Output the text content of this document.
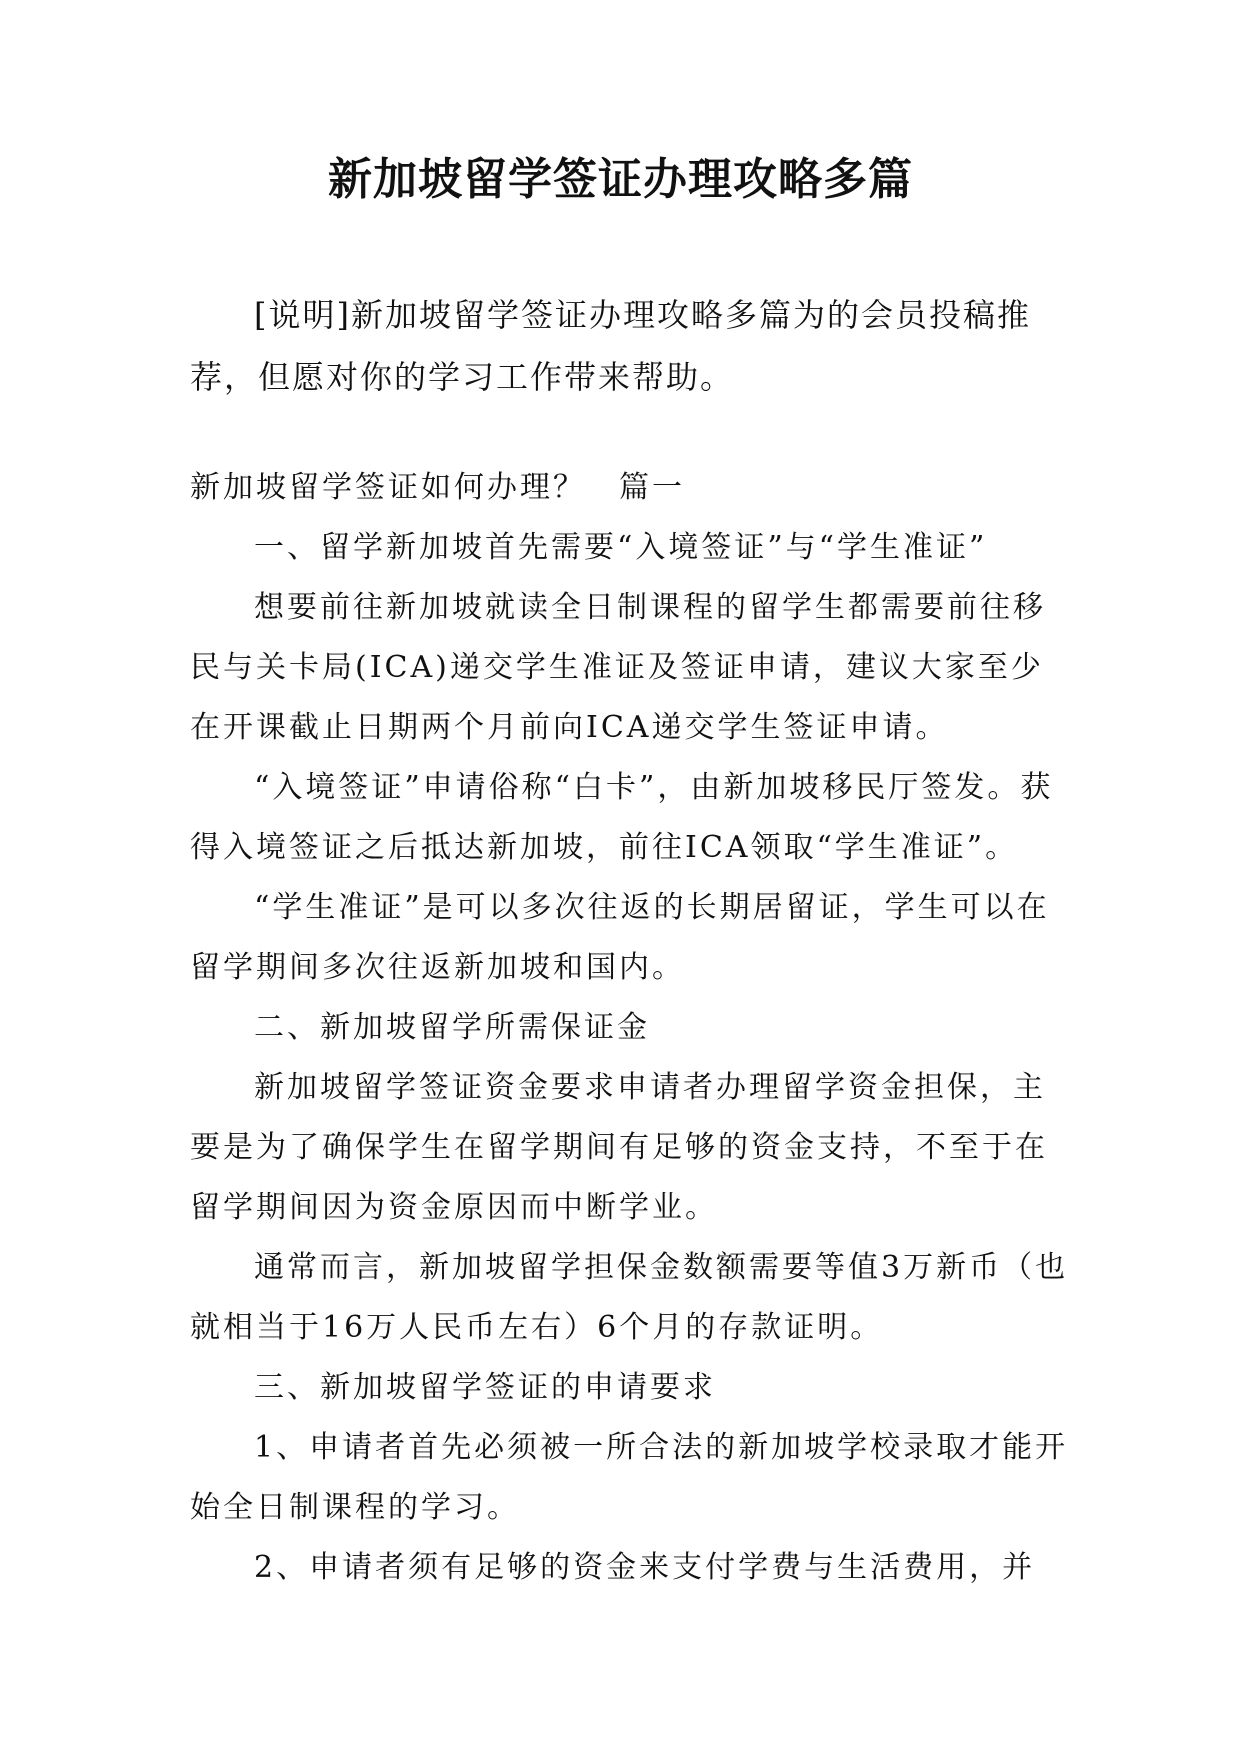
新加坡留学签证办理攻略多篇
[说明]新加坡留学签证办理攻略多篇为的会员投稿推荐，但愿对你的学习工作带来帮助。

新加坡留学签证如何办理？　篇一

一、留学新加坡首先需要“入境签证”与“学生准证”

想要前往新加坡就读全日制课程的留学生都需要前往移民与关卡局(ICA)递交学生准证及签证申请，建议大家至少在开课截止日期两个月前向ICA递交学生签证申请。

“入境签证”申请俗称“白卡”，由新加坡移民厅签发。获得入境签证之后抵达新加坡，前往ICA领取“学生准证”。

“学生准证”是可以多次往返的长期居留证，学生可以在留学期间多次往返新加坡和国内。

二、新加坡留学所需保证金

新加坡留学签证资金要求申请者办理留学资金担保，主要是为了确保学生在留学期间有足够的资金支持，不至于在留学期间因为资金原因而中断学业。

通常而言，新加坡留学担保金数额需要等值3万新币（也就相当于16万人民币左右）6个月的存款证明。

三、新加坡留学签证的申请要求

1、申请者首先必须被一所合法的新加坡学校录取才能开始全日制课程的学习。

2、申请者须有足够的资金来支付学费与生活费用，并
